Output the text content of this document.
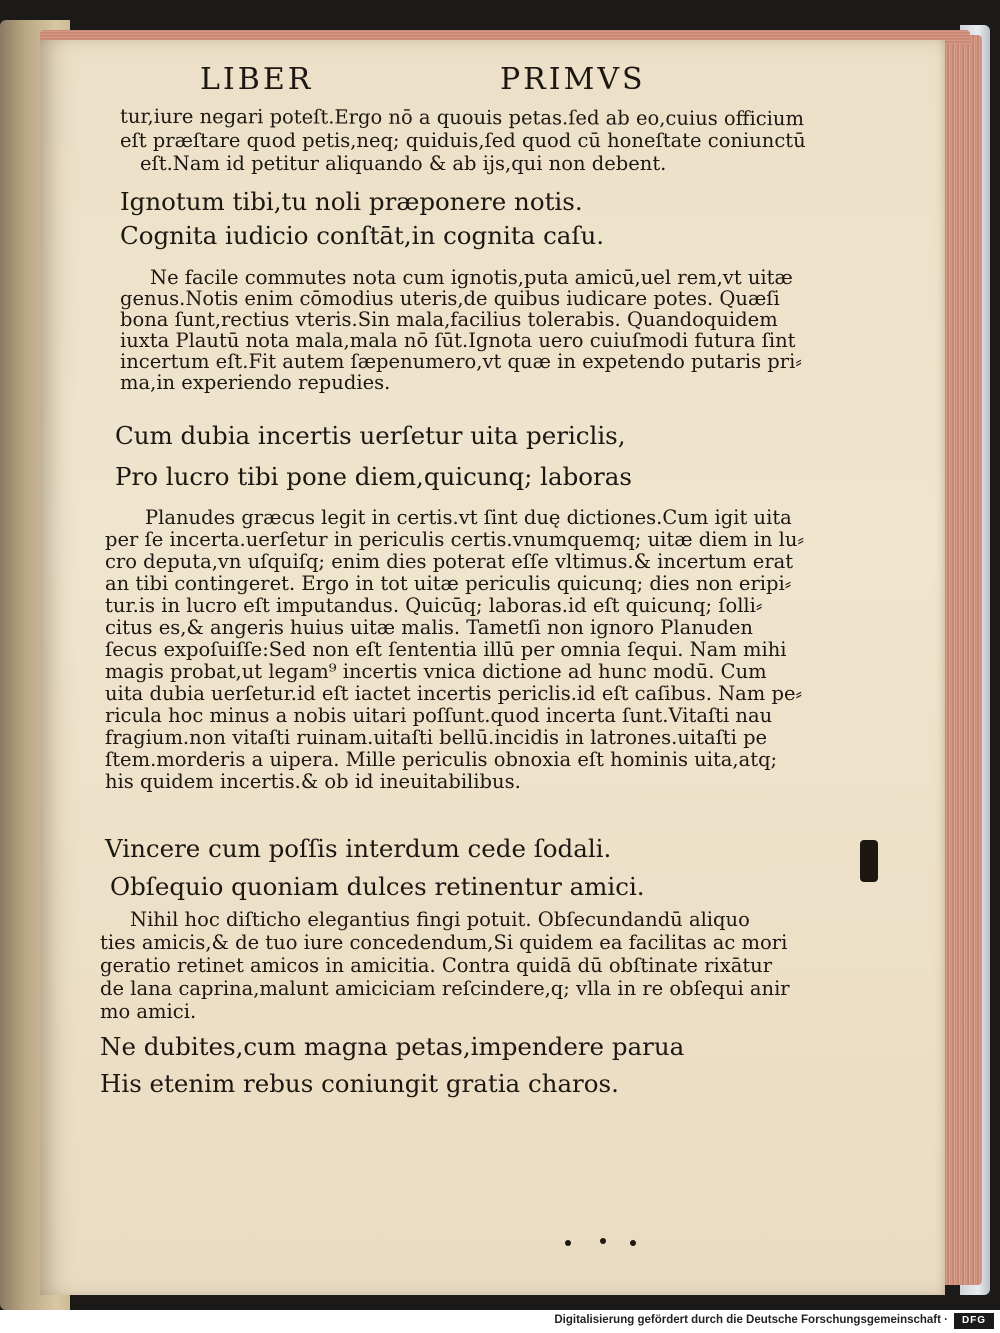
LIBER	PRIMVS
tur,iure negari poteſt.Ergo nō a quouis petas.ſed ab eo,cuius officium
eſt præſtare quod petis,neq; quiduis,ſed quod cū honeſtate coniunctū
eſt.Nam id petitur aliquando & ab ijs,qui non debent.
Ignotum tibi,tu noli præponere notis.
Cognita iudicio conſtāt,in cognita caſu.
Ne facile commutes nota cum ignotis,puta amicū,uel rem,vt uitæ
genus.Notis enim cōmodius uteris,de quibus iudicare potes. Quæſi
bona ſunt,rectius vteris.Sin mala,facilius tolerabis. Quandoquidem
iuxta Plautū nota mala,mala nō ſūt.Ignota uero cuiuſmodi futura ſint
incertum eſt.Fit autem ſæpenumero,vt quæ in expetendo putaris pri⸗
ma,in experiendo repudies.
Cum dubia incertis uerſetur uita periclis,
Pro lucro tibi pone diem,quicunq; laboras
Planudes græcus legit in certis.vt ſint duę dictiones.Cum igit uita
per ſe incerta.uerſetur in periculis certis.vnumquemq; uitæ diem in lu⸗
cro deputa,vn uſquiſq; enim dies poterat eſſe vltimus.& incertum erat
an tibi contingeret. Ergo in tot uitæ periculis quicunq; dies non eripi⸗
tur.is in lucro eſt imputandus. Quicūq; laboras.id eſt quicunq; ſolli⸗
citus es,& angeris huius uitæ malis. Tametſi non ignoro Planuden
ſecus expoſuiſſe:Sed non eſt ſententia illū per omnia ſequi. Nam mihi
magis probat,ut legam⁹ incertis vnica dictione ad hunc modū. Cum
uita dubia uerſetur.id eſt iactet incertis periclis.id eſt caſibus. Nam pe⸗
ricula hoc minus a nobis uitari poſſunt.quod incerta ſunt.Vitaſti nau
fragium.non vitaſti ruinam.uitaſti bellū.incidis in latrones.uitaſti pe
ſtem.morderis a uipera. Mille periculis obnoxia eſt hominis uita,atq;
his quidem incertis.& ob id ineuitabilibus.
Vincere cum poſſis interdum cede ſodali.
Obſequio quoniam dulces retinentur amici.
Nihil hoc diſticho elegantius fingi potuit. Obſecundandū aliquo
ties amicis,& de tuo iure concedendum,Si quidem ea facilitas ac mori
geratio retinet amicos in amicitia. Contra quidā dū obſtinate rixātur
de lana caprina,malunt amiciciam reſcindere,q; vlla in re obſequi anir
mo amici.
Ne dubites,cum magna petas,impendere parua
His etenim rebus coniungit gratia charos.
Digitalisierung gefördert durch die Deutsche Forschungsgemeinschaft ·	DFG
